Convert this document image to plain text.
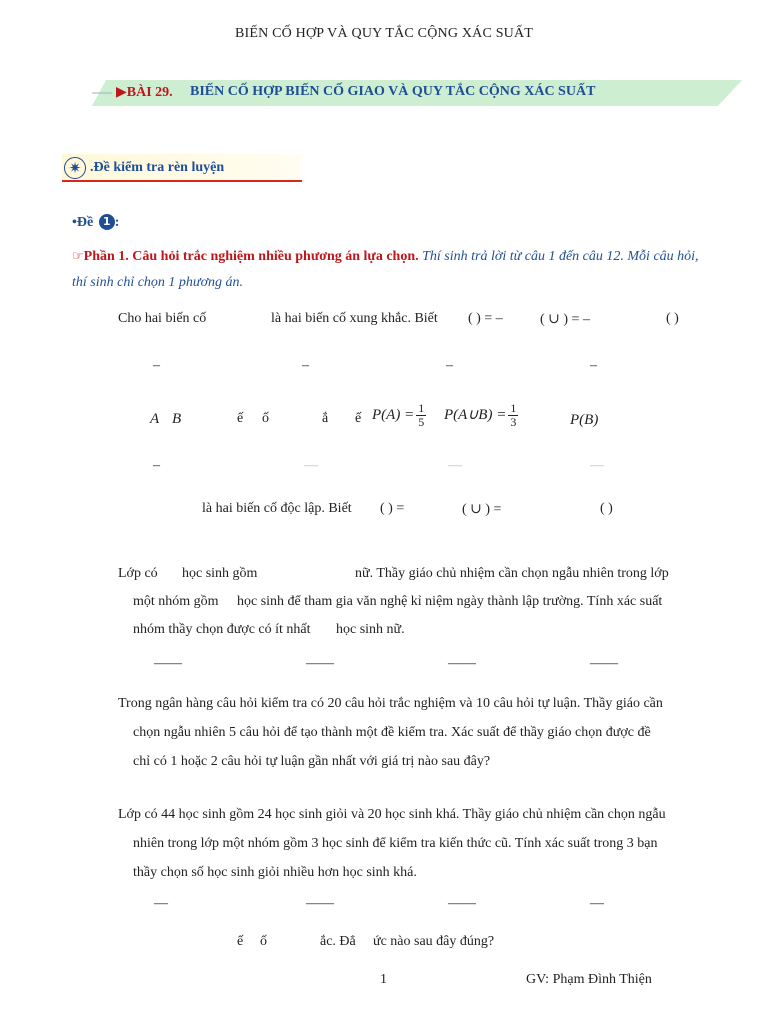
BIẾN CỐ HỢP VÀ QUY TẮC CỘNG XÁC SUẤT
▶BÀI 29. BIẾN CỐ HỢP BIẾN CỐ GIAO VÀ QUY TẮC CỘNG XÁC SUẤT
✷ .Đề kiểm tra rèn luyện
•Đề 1 :
☞Phần 1. Câu hỏi trắc nghiệm nhiều phương án lựa chọn. Thí sinh trả lời từ câu 1 đến câu 12. Mỗi câu hỏi, thí sinh chỉ chọn 1 phương án.
Cho hai biến cố	là hai biến cố xung khắc. Biết ( ) = –	( ∪ ) = –	( )
–	–	–	–
A B	ế ố	ắ ế $P(A) = \frac{1}{5}$ P(A∪B) = $\frac{1}{3}$	P(B)
–	—	—	—
là hai biến cố độc lập. Biết ( ) =	( ∪ ) =	( )
Lớp có học sinh gồm	nữ. Thầy giáo chủ nhiệm cần chọn ngẫu nhiên trong lớp
một nhóm gồm học sinh để tham gia văn nghệ kỉ niệm ngày thành lập trường. Tính xác suất
nhóm thầy chọn được có ít nhất học sinh nữ.
——	——	——	——
Trong ngân hàng câu hỏi kiểm tra có 20 câu hỏi trắc nghiệm và 10 câu hỏi tự luận. Thầy giáo cần
chọn ngẫu nhiên 5 câu hỏi để tạo thành một đề kiểm tra. Xác suất để thầy giáo chọn được đề
chỉ có 1 hoặc 2 câu hỏi tự luận gần nhất với giá trị nào sau đây?
Lớp có 44 học sinh gồm 24 học sinh giỏi và 20 học sinh khá. Thầy giáo chủ nhiệm cần chọn ngẫu
nhiên trong lớp một nhóm gồm 3 học sinh để kiểm tra kiến thức cũ. Tính xác suất trong 3 bạn
thầy chọn số học sinh giỏi nhiều hơn học sinh khá.
—	——	——	—
ế ố	ắc. Đẳ ức nào sau đây đúng?
1	GV: Phạm Đình Thiện
